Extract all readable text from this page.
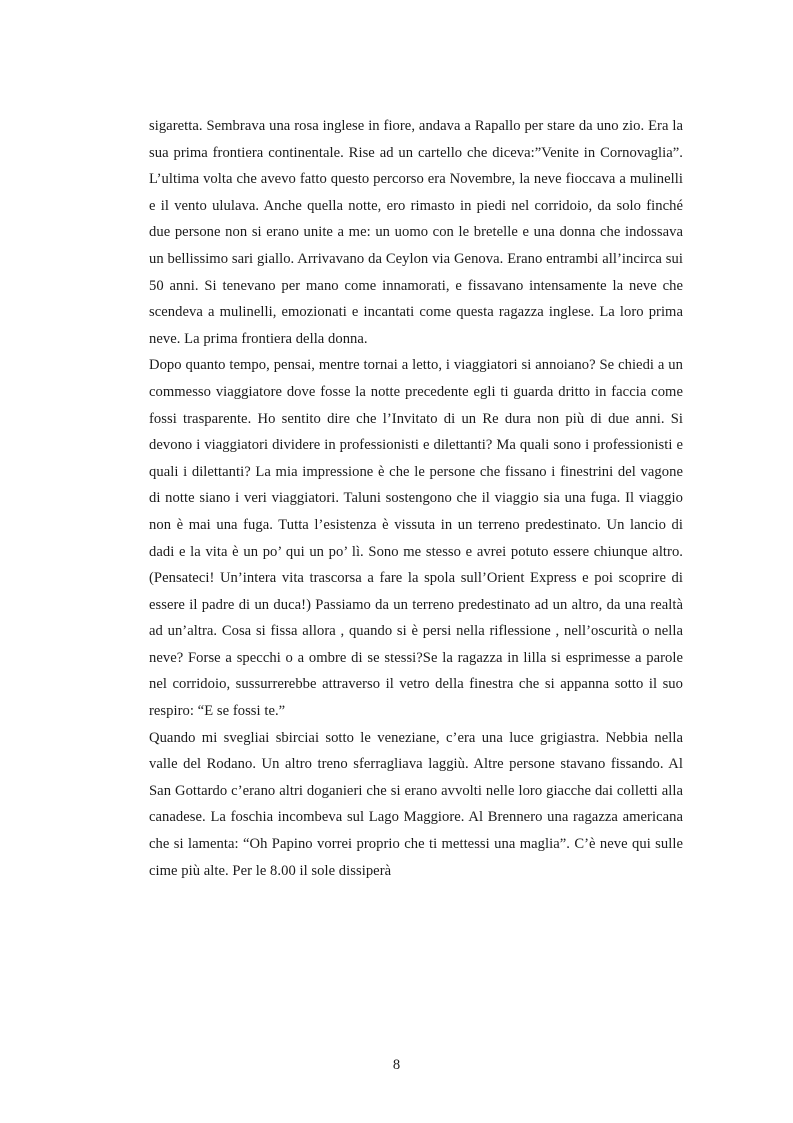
sigaretta. Sembrava una rosa inglese in fiore, andava a Rapallo per stare da uno zio. Era la sua prima frontiera continentale. Rise ad un cartello che diceva:”Venite in Cornovaglia”. L’ultima volta che avevo fatto questo percorso era Novembre, la neve fioccava a mulinelli e il vento ululava. Anche quella notte, ero rimasto in piedi nel corridoio, da solo finché due persone non si erano unite a me: un uomo con le bretelle e una donna che indossava un bellissimo sari giallo. Arrivavano da Ceylon via Genova. Erano entrambi all’incirca sui 50 anni. Si tenevano per mano come innamorati, e fissavano intensamente la neve che scendeva a mulinelli, emozionati e incantati come questa ragazza inglese. La loro prima neve. La prima frontiera della donna.

Dopo quanto tempo, pensai, mentre tornai a letto, i viaggiatori si annoiano? Se chiedi a un commesso viaggiatore dove fosse la notte precedente egli ti guarda dritto in faccia come fossi trasparente. Ho sentito dire che l’Invitato di un Re dura non più di due anni. Si devono i viaggiatori dividere in professionisti e dilettanti? Ma quali sono i professionisti e quali i dilettanti? La mia impressione è che le persone che fissano i finestrini del vagone di notte siano i veri viaggiatori. Taluni sostengono che il viaggio sia una fuga. Il viaggio non è mai una fuga. Tutta l’esistenza è vissuta in un terreno predestinato. Un lancio di dadi e la vita è un po’ qui un po’ lì. Sono me stesso e avrei potuto essere chiunque altro. (Pensateci! Un’intera vita trascorsa a fare la spola sull’Orient Express e poi scoprire di essere il padre di un duca!) Passiamo da un terreno predestinato ad un altro, da una realtà ad un’altra. Cosa si fissa allora , quando si è persi nella riflessione , nell’oscurità o nella neve? Forse a specchi o a ombre di se stessi?Se la ragazza in lilla si esprimesse a parole nel corridoio, sussurrerebbe attraverso il vetro della finestra che si appanna sotto il suo respiro: “E se fossi te.”

Quando mi svegliai sbirciai sotto le veneziane, c’era una luce grigiastra. Nebbia nella valle del Rodano. Un altro treno sferragliava laggiù. Altre persone stavano fissando. Al San Gottardo c’erano altri doganieri che si erano avvolti nelle loro giacche dai colletti alla canadese. La foschia incombeva sul Lago Maggiore. Al Brennero una ragazza americana che si lamenta: “Oh Papino vorrei proprio che ti mettessi una maglia”. C’è neve qui sulle cime più alte. Per le 8.00 il sole dissiperà

8
